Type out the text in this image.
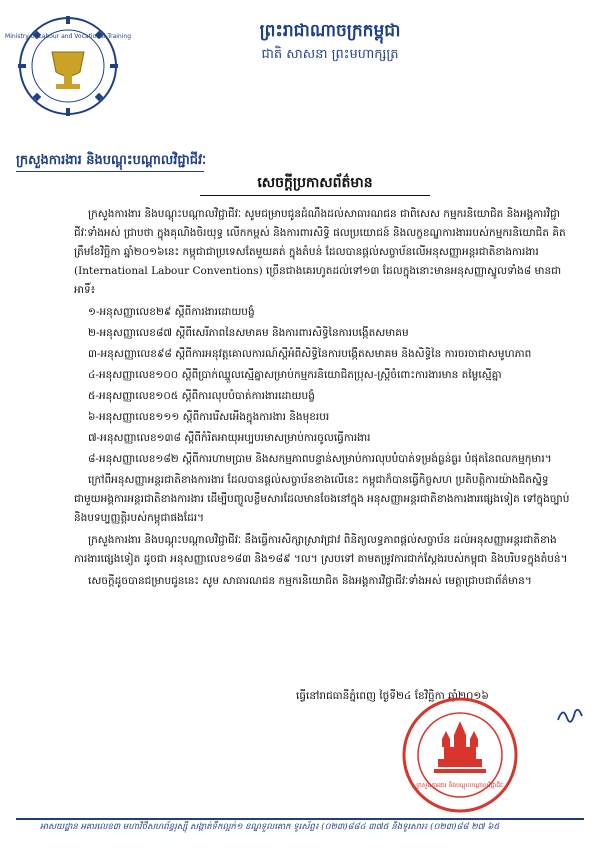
Ministry of Labour and Vocational Training	ព្រះរាជាណាចក្រកម្ពុជា
ជាតិ សាសនា ព្រះមហាក្សត្រ
ក្រសួងការងារ និងបណ្តុះបណ្តាលវិជ្ជាជីវៈ
សេចក្តីប្រកាសព័ត៌មាន

ក្រសួងការងារ និងបណ្តុះបណ្តាលវិជ្ជាជីវៈ សូមជម្រាបជូនដំណឹងដល់សាធារណជន ជាពិសេស កម្មករនិយោជិត និងអង្គការវិជ្ជាជីវៈទាំងអស់ ជ្រាបថា ក្នុងគុណិងចិរយុទ្ធ លើកកម្ពស់ និងការពារសិទ្ធិ ផលប្រយោជន៍ និងលក្ខខណ្ឌការងាររបស់កម្មករនិយោជិត គិតត្រឹមខែវិច្ឆិកា ឆ្នាំ២០១៦នេះ កម្ពុជាជាប្រទេសតែមួយគត់ ក្នុងតំបន់ ដែលបានផ្តល់សច្ចាប័នលើអនុសញ្ញាអន្តរជាតិខាងការងារ (International Labour Conventions) ច្រើនជាងគេរហូតដល់ទៅ១៣ ដែលក្នុងនោះមានអនុសញ្ញាស្នូលទាំង៨ មានជាអាទិ៍៖

១-អនុសញ្ញាលេខ២៩ ស្តីពីការងារដោយបង្ខំ

២-អនុសញ្ញាលេខ៨៧ ស្តីពីសេរីភាពនៃសមាគម និងការពារសិទ្ធិនៃការបង្កើតសមាគម

៣-អនុសញ្ញាលេខ៩៨ ស្តីពីការអនុវត្តគោលការណ៍ស្តីអំពីសិទ្ធិនៃការបង្កើតសមាគម និងសិទ្ធិនៃ ការចរចាជាសមូហភាព

៤-អនុសញ្ញាលេខ១០០ ស្តីពីប្រាក់ឈ្នួលស្មើគ្នាសម្រាប់កម្មករនិយោជិតប្រុស-ស្រ្តីចំពោះការងារមាន តម្លៃស្មើគ្នា

៥-អនុសញ្ញាលេខ១០៥ ស្តីពីការលុបបំបាត់ការងារដោយបង្ខំ

៦-អនុសញ្ញាលេខ១១១ ស្តីពីការរើសអើងក្នុងការងារ និងមុខរបរ

៧-អនុសញ្ញាលេខ១៣៨ ស្តីពីកំរិតអាយុអប្បបរមាសម្រាប់ការចូលធ្វើការងារ

៨-អនុសញ្ញាលេខ១៨២ ស្តីពីការហាមប្រាម និងសកម្មភាពបន្ទាន់សម្រាប់ការលុបបំបាត់ទម្រង់ធ្ងន់ធ្ងរ បំផុតនៃពលកម្មកុមារ។

ក្រៅពីអនុសញ្ញាអន្តរជាតិខាងការងារ ដែលបានផ្តល់សច្ចាប័នខាងលើនេះ កម្ពុជាក៏បានធ្វើកិច្ចសហ ប្រតិបត្តិការយ៉ាងជិតស្និទ្ធជាមួយអង្គការអន្តរជាតិខាងការងារ ដើម្បីបញ្ចូលខ្លឹមសារដែលមានចែងនៅក្នុង អនុសញ្ញាអន្តរជាតិខាងការងារផ្សេងទៀត ទៅក្នុងច្បាប់ និងបទប្បញ្ញត្តិរបស់កម្ពុជាផងដែរ។

ក្រសួងការងារ និងបណ្តុះបណ្តាលវិជ្ជាជីវៈ នឹងធ្វើការសិក្សាស្រាវជ្រាវ ពិនិត្យលទ្ធភាពផ្តល់សច្ចាប័ន ដល់អនុសញ្ញាអន្តរជាតិខាងការងារផ្សេងទៀត ដូចជា អនុសញ្ញាលេខ១៨៣ និង១៨៩ ។ល។ ស្របទៅ តាមតម្រូវការជាក់ស្តែងរបស់កម្ពុជា និងបរិបទក្នុងតំបន់។

សេចក្តីដូចបានជម្រាបជូននេះ សូម សាធារណជន កម្មករនិយោជិត និងអង្គការវិជ្ជាជីវៈទាំងអស់ មេត្តាជ្រាបជាព័ត៌មាន។

ធ្វើនៅរាជធានីភ្នំពេញ ថ្ងៃទី២៤ ខែវិច្ឆិកា ឆ្នាំ២០១៦
ក្រសួងការងារ និងបណ្តុះបណ្តាលវិជ្ជាជីវៈ
អាសយដ្ឋាន អគារលេខ៣ មហាវិថីសហព័ន្ធរុស្ស៊ី សង្កាត់ទឹកល្អក់១ ខណ្ឌទួលគោក ទូរស័ព្ទ៖ (០២៣)៨៨៤ ៣៧៥ និងទូរសារ៖ (០២៣)៨៨ ២៧ ៦៥
